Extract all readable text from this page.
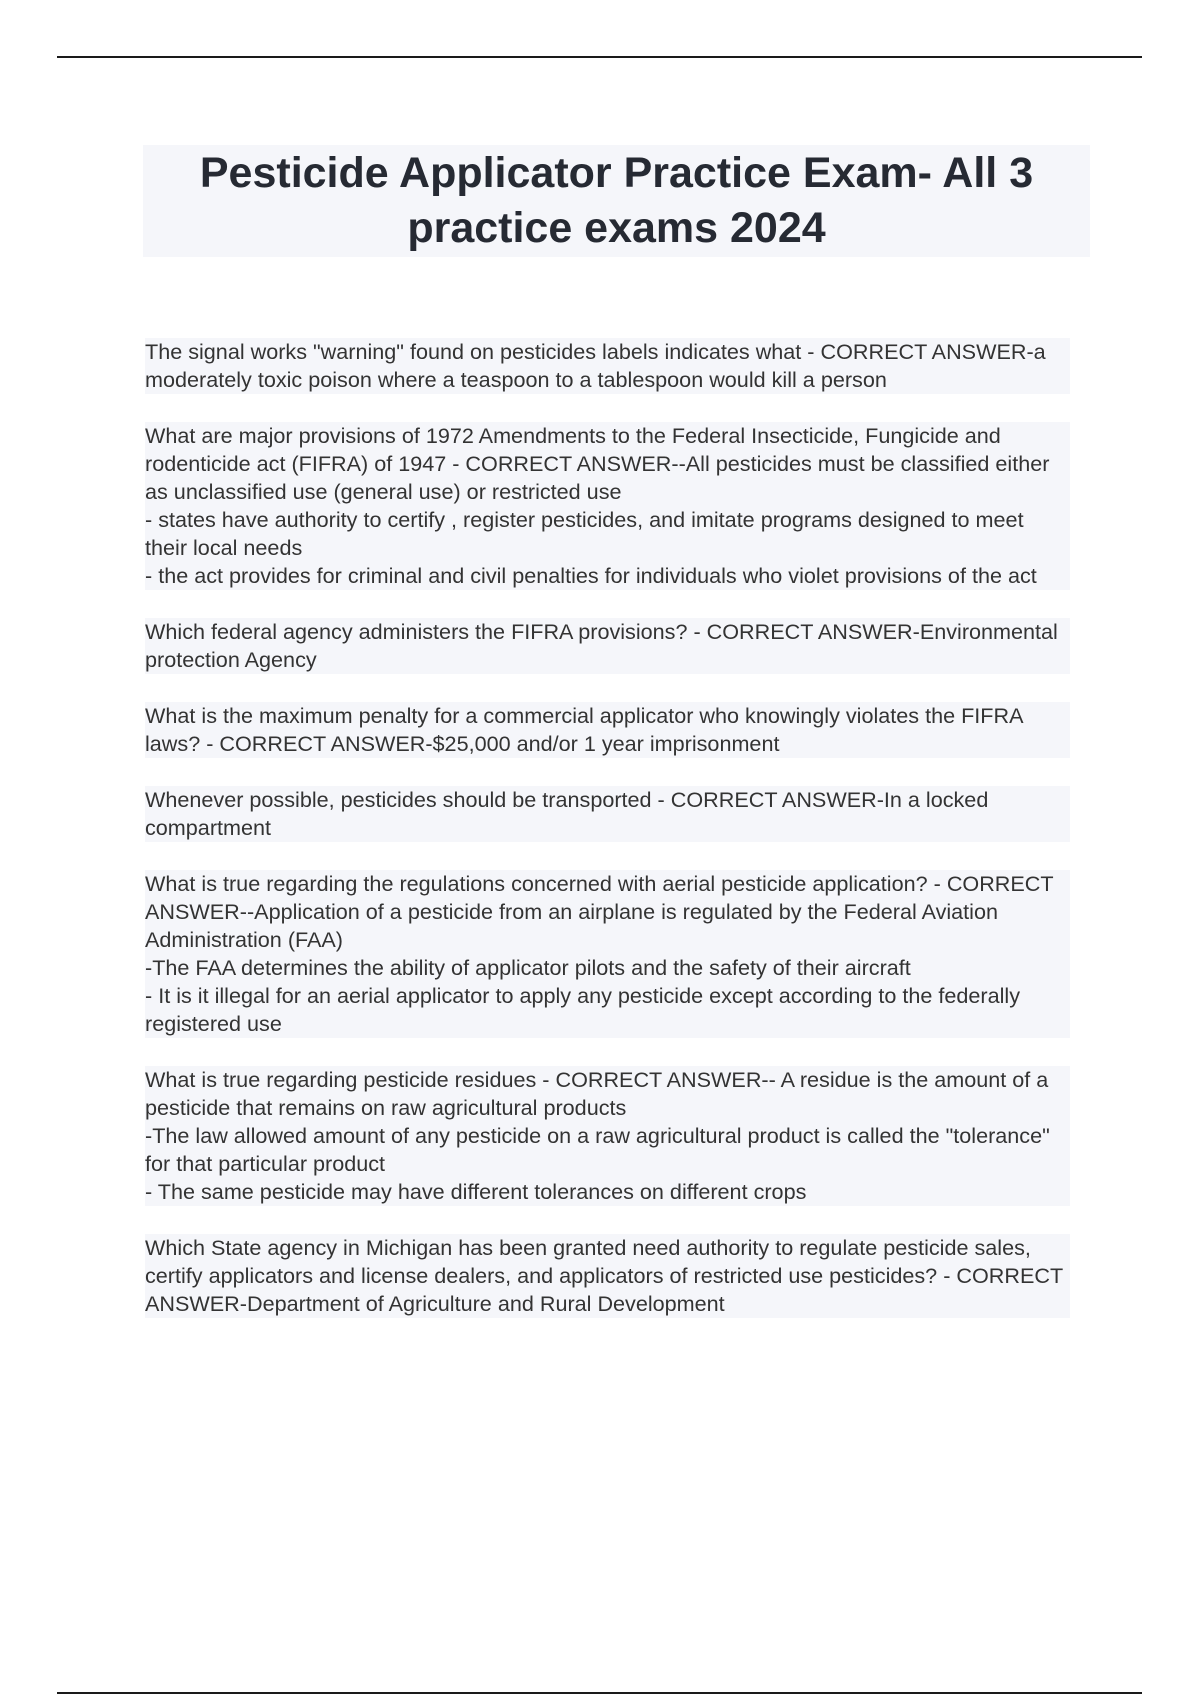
Pesticide Applicator Practice Exam- All 3 practice exams 2024

The signal works "warning" found on pesticides labels indicates what - CORRECT ANSWER-a moderately toxic poison where a teaspoon to a tablespoon would kill a person

What are major provisions of 1972 Amendments to the Federal Insecticide, Fungicide and rodenticide act (FIFRA) of 1947 - CORRECT ANSWER--All pesticides must be classified either as unclassified use (general use) or restricted use
- states have authority to certify , register pesticides, and imitate programs designed to meet their local needs
- the act provides for criminal and civil penalties for individuals who violet provisions of the act

Which federal agency administers the FIFRA provisions? - CORRECT ANSWER-Environmental protection Agency

What is the maximum penalty for a commercial applicator who knowingly violates the FIFRA laws? - CORRECT ANSWER-$25,000 and/or 1 year imprisonment

Whenever possible, pesticides should be transported - CORRECT ANSWER-In a locked compartment

What is true regarding the regulations concerned with aerial pesticide application? - CORRECT ANSWER--Application of a pesticide from an airplane is regulated by the Federal Aviation Administration (FAA)
-The FAA determines the ability of applicator pilots and the safety of their aircraft
- It is it illegal for an aerial applicator to apply any pesticide except according to the federally registered use

What is true regarding pesticide residues - CORRECT ANSWER-- A residue is the amount of a pesticide that remains on raw agricultural products
-The law allowed amount of any pesticide on a raw agricultural product is called the "tolerance" for that particular product
- The same pesticide may have different tolerances on different crops

Which State agency in Michigan has been granted need authority to regulate pesticide sales, certify applicators and license dealers, and applicators of restricted use pesticides? - CORRECT ANSWER-Department of Agriculture and Rural Development
